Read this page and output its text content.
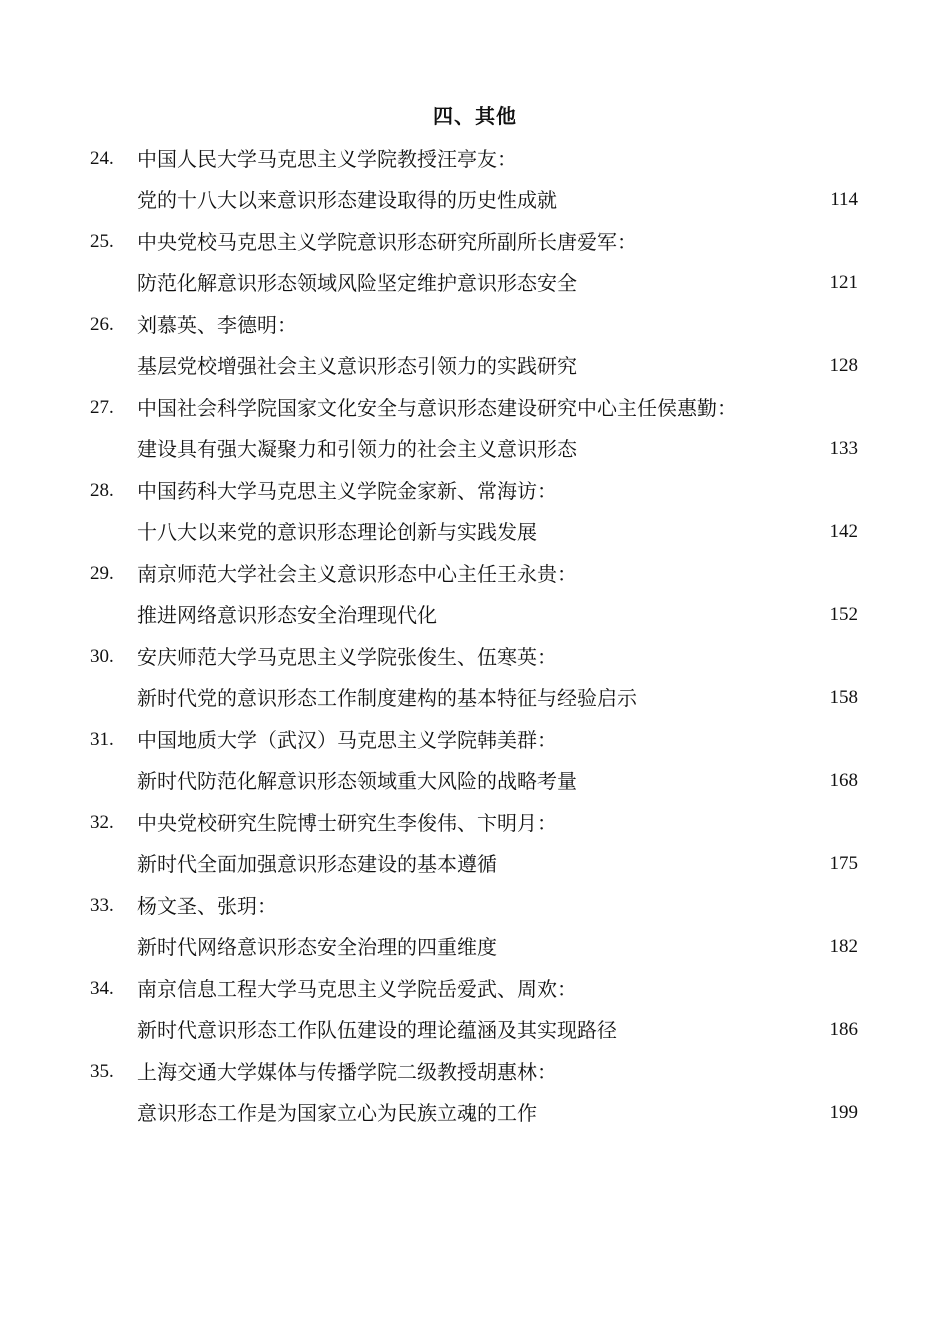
四、其他
24.	中国人民大学马克思主义学院教授汪亭友：
党的十八大以来意识形态建设取得的历史性成就	114
25.	中央党校马克思主义学院意识形态研究所副所长唐爱军：
防范化解意识形态领域风险坚定维护意识形态安全	121
26.	刘慕英、李德明：
基层党校增强社会主义意识形态引领力的实践研究	128
27.	中国社会科学院国家文化安全与意识形态建设研究中心主任侯惠勤：
建设具有强大凝聚力和引领力的社会主义意识形态	133
28.	中国药科大学马克思主义学院金家新、常海访：
十八大以来党的意识形态理论创新与实践发展	142
29.	南京师范大学社会主义意识形态中心主任王永贵：
推进网络意识形态安全治理现代化	152
30.	安庆师范大学马克思主义学院张俊生、伍寒英：
新时代党的意识形态工作制度建构的基本特征与经验启示	158
31.	中国地质大学（武汉）马克思主义学院韩美群：
新时代防范化解意识形态领域重大风险的战略考量	168
32.	中央党校研究生院博士研究生李俊伟、卞明月：
新时代全面加强意识形态建设的基本遵循	175
33.	杨文圣、张玥：
新时代网络意识形态安全治理的四重维度	182
34.	南京信息工程大学马克思主义学院岳爱武、周欢：
新时代意识形态工作队伍建设的理论蕴涵及其实现路径	186
35.	上海交通大学媒体与传播学院二级教授胡惠林：
意识形态工作是为国家立心为民族立魂的工作	199
